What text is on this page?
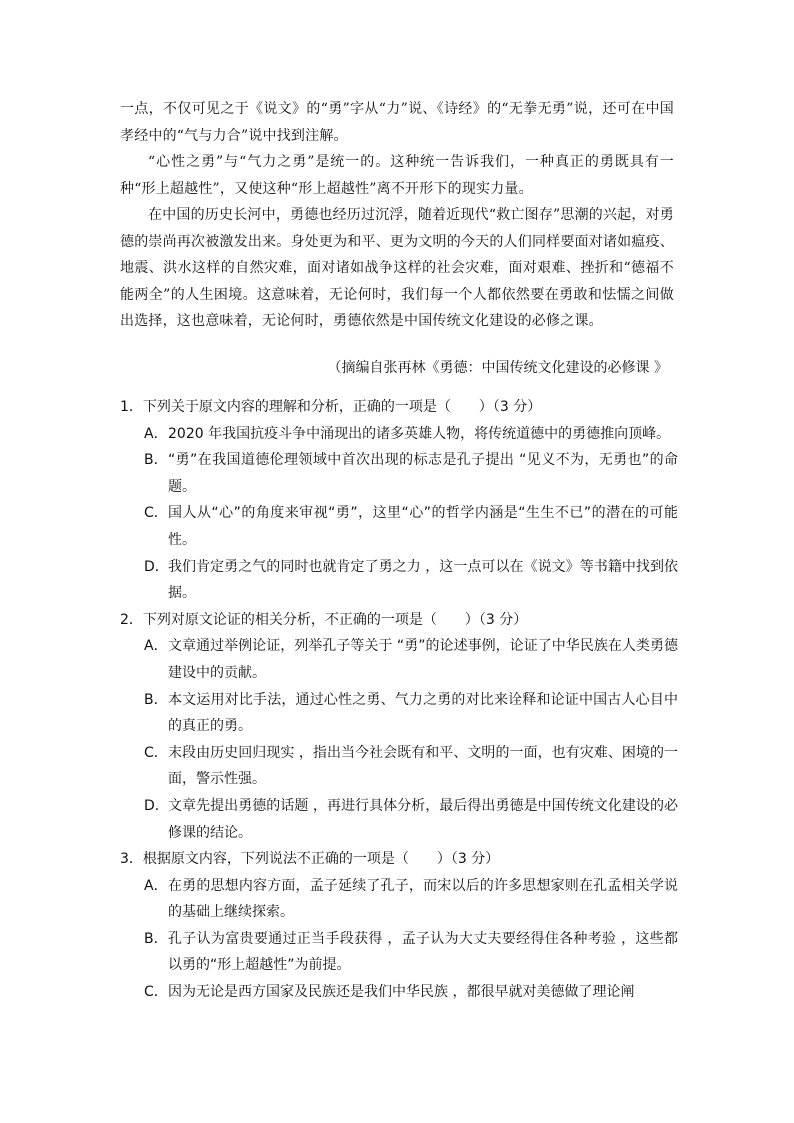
一点，不仅可见之于《说文》的“勇”字从“力”说、《诗经》的“无拳无勇”说，还可在中国孝经中的“气与力合”说中找到注解。

“心性之勇”与“气力之勇”是统一的。这种统一告诉我们，一种真正的勇既具有一种“形上超越性”，又使这种“形上超越性”离不开形下的现实力量。

在中国的历史长河中，勇德也经历过沉浮，随着近现代“救亡图存”思潮的兴起，对勇德的崇尚再次被激发出来。身处更为和平、更为文明的今天的人们同样要面对诸如瘟疫、地震、洪水这样的自然灾难，面对诸如战争这样的社会灾难，面对艰难、挫折和“德福不能两全”的人生困境。这意味着，无论何时，我们每一个人都依然要在勇敢和怯懦之间做出选择，这也意味着，无论何时，勇德依然是中国传统文化建设的必修之课。

（摘编自张再林《勇德：中国传统文化建设的必修课 》

1．下列关于原文内容的理解和分析，正确的一项是（　　）（3 分）

A． 2020 年我国抗疫斗争中涌现出的诸多英雄人物，将传统道德中的勇德推向顶峰。

B． “勇”在我国道德伦理领域中首次出现的标志是孔子提出 “见义不为，无勇也”的命题。

C． 国人从“心”的角度来审视“勇”，这里“心”的哲学内涵是“生生不已”的潜在的可能性。

D． 我们肯定勇之气的同时也就肯定了勇之力 ，这一点可以在《说文》等书籍中找到依据。

2．下列对原文论证的相关分析，不正确的一项是（　　）（3 分）

A． 文章通过举例论证，列举孔子等关于 “勇”的论述事例，论证了中华民族在人类勇德建设中的贡献。

B． 本文运用对比手法，通过心性之勇、气力之勇的对比来诠释和论证中国古人心目中的真正的勇。

C． 末段由历史回归现实 ，指出当今社会既有和平、文明的一面，也有灾难、困境的一面，警示性强。

D． 文章先提出勇德的话题 ，再进行具体分析，最后得出勇德是中国传统文化建设的必修课的结论。

3．根据原文内容，下列说法不正确的一项是（　　）（3 分）

A． 在勇的思想内容方面，孟子延续了孔子，而宋以后的许多思想家则在孔孟相关学说的基础上继续探索。

B． 孔子认为富贵要通过正当手段获得 ，孟子认为大丈夫要经得住各种考验 ，这些都以勇的“形上超越性”为前提。

C． 因为无论是西方国家及民族还是我们中华民族 ，都很早就对美德做了理论阐
